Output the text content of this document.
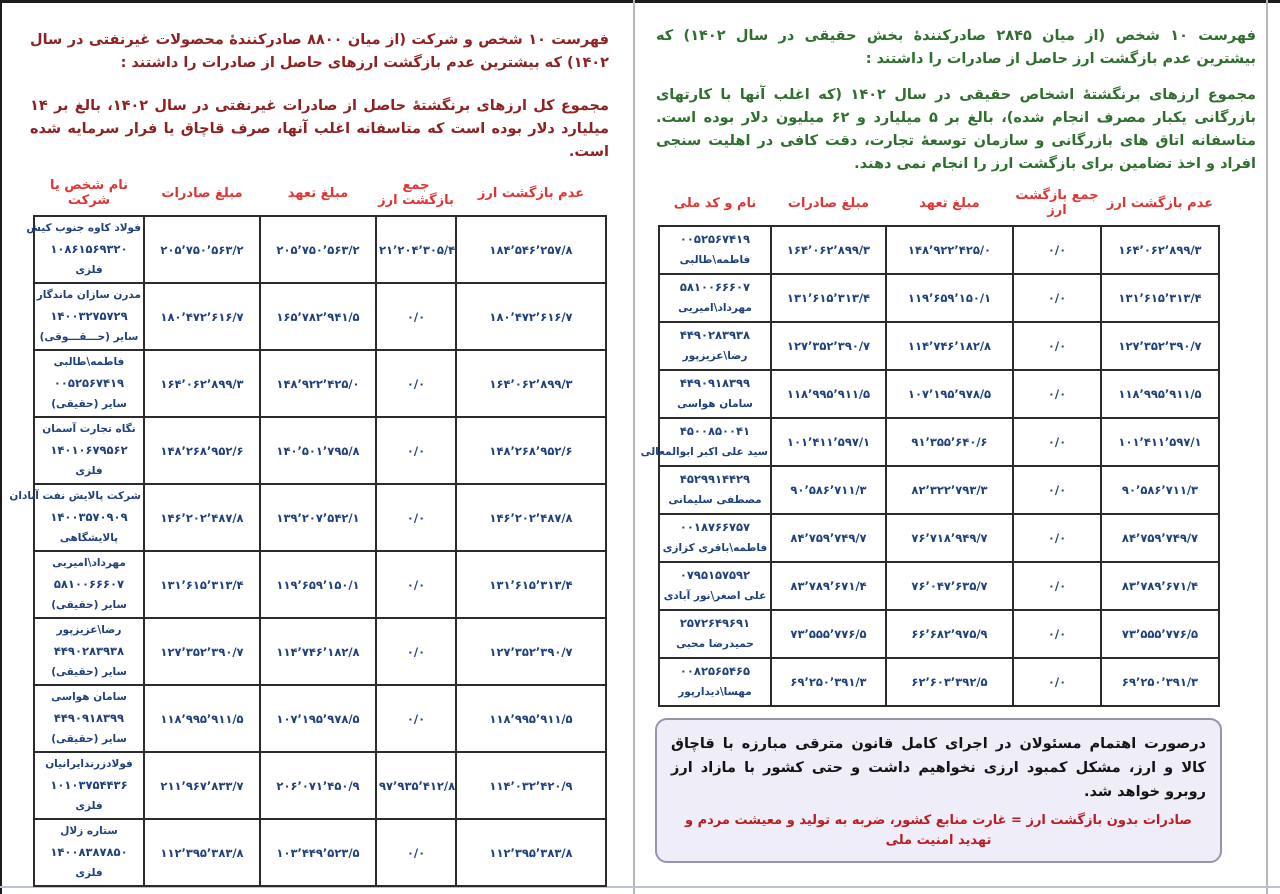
فهرست ۱۰ شخص (از میان ۲۸۴۵ صادرکنندهٔ بخش حقیقی در سال ۱۴۰۲) که بیشترین عدم بازگشت ارز حاصل از صادرات را داشتند :

مجموع ارزهای برنگشتهٔ اشخاص حقیقی در سال ۱۴۰۲ (که اغلب آنها با کارتهای بازرگانی یکبار مصرف انجام شده)، بالغ بر ۵ میلیارد و ۶۲ میلیون دلار بوده است. متاسفانه اتاق های بازرگانی و سازمان توسعهٔ تجارت، دقت کافی در اهلیت سنجی افراد و اخذ تضامین برای بازگشت ارز را انجام نمی دهند.

عدم بازگشت ارز	جمع بازگشت ارز	مبلغ تعهد	مبلغ صادرات	نام و کد ملی
۱۶۴٬۰۶۲٬۸۹۹/۳	۰/۰	۱۴۸٬۹۲۲٬۴۲۵/۰	۱۶۴٬۰۶۲٬۸۹۹/۳	۰۰۵۲۵۶۷۴۱۹
فاطمه\طالبی

۱۳۱٬۶۱۵٬۳۱۳/۴	۰/۰	۱۱۹٬۶۵۹٬۱۵۰/۱	۱۳۱٬۶۱۵٬۳۱۳/۴	۵۸۱۰۰۶۶۶۰۷
مهرداد\امیریی

۱۲۷٬۳۵۲٬۳۹۰/۷	۰/۰	۱۱۴٬۷۴۶٬۱۸۲/۸	۱۲۷٬۳۵۲٬۳۹۰/۷	۴۴۹۰۲۸۳۹۳۸
رضا\عزیزپور

۱۱۸٬۹۹۵٬۹۱۱/۵	۰/۰	۱۰۷٬۱۹۵٬۹۷۸/۵	۱۱۸٬۹۹۵٬۹۱۱/۵	۴۴۹۰۹۱۸۳۹۹
سامان هواسی

۱۰۱٬۴۱۱٬۵۹۷/۱	۰/۰	۹۱٬۳۵۵٬۶۴۰/۶	۱۰۱٬۴۱۱٬۵۹۷/۱	۴۵۰۰۸۵۰۰۴۱
سید علی اکبر ابوالمعالی

۹۰٬۵۸۶٬۷۱۱/۳	۰/۰	۸۲٬۳۲۲٬۷۹۳/۳	۹۰٬۵۸۶٬۷۱۱/۳	۴۵۲۹۹۱۴۴۲۹
مصطفی سلیمانی

۸۴٬۷۵۹٬۷۴۹/۷	۰/۰	۷۶٬۷۱۸٬۹۴۹/۷	۸۴٬۷۵۹٬۷۴۹/۷	۰۰۱۸۷۶۶۷۵۷
فاطمه\باقری کزازی

۸۳٬۷۸۹٬۶۷۱/۴	۰/۰	۷۶٬۰۴۷٬۶۳۵/۷	۸۳٬۷۸۹٬۶۷۱/۴	۰۷۹۵۱۵۷۵۹۲
علی اصغر\نور آبادی

۷۳٬۵۵۵٬۷۷۶/۵	۰/۰	۶۶٬۶۸۲٬۹۷۵/۹	۷۳٬۵۵۵٬۷۷۶/۵	۲۵۷۲۶۴۹۶۹۱
حمیدرضا محبی

۶۹٬۲۵۰٬۳۹۱/۳	۰/۰	۶۲٬۶۰۳٬۳۹۲/۵	۶۹٬۲۵۰٬۳۹۱/۳	۰۰۸۲۵۶۵۴۶۵
مهسا\دیدارپور

درصورت اهتمام مسئولان در اجرای کامل قانون مترقی مبارزه با قاچاق کالا و ارز، مشکل کمبود ارزی نخواهیم داشت و حتی کشور با مازاد ارز روبرو خواهد شد.

صادرات بدون بازگشت ارز = غارت منابع کشور، ضربه به تولید و معیشت مردم و تهدید امنیت ملی

فهرست ۱۰ شخص و شرکت (از میان ۸۸۰۰ صادرکنندهٔ محصولات غیرنفتی در سال ۱۴۰۲) که بیشترین عدم بازگشت ارزهای حاصل از صادرات را داشتند :

مجموع کل ارزهای برنگشتهٔ حاصل از صادرات غیرنفتی در سال ۱۴۰۲، بالغ بر ۱۴ میلیارد دلار بوده است که متاسفانه اغلب آنها، صرف قاچاق یا فرار سرمایه شده است.

عدم بازگشت ارز	جمع بازگشت ارز	مبلغ تعهد	مبلغ صادرات	نام شخص یا شرکت
۱۸۴٬۵۴۶٬۲۵۷/۸	۲۱٬۲۰۴٬۳۰۵/۴	۲۰۵٬۷۵۰٬۵۶۳/۲	۲۰۵٬۷۵۰٬۵۶۳/۲	فولاد کاوه جنوب کیش
۱۰۸۶۱۵۶۹۳۲۰
فلزی

۱۸۰٬۴۷۲٬۶۱۶/۷	۰/۰	۱۶۵٬۷۸۲٬۹۴۱/۵	۱۸۰٬۴۷۲٬۶۱۶/۷	مدرن سازان ماندگار
۱۴۰۰۳۲۷۵۷۲۹
سایر (حـــقـــوقی)

۱۶۴٬۰۶۲٬۸۹۹/۳	۰/۰	۱۴۸٬۹۲۲٬۴۲۵/۰	۱۶۴٬۰۶۲٬۸۹۹/۳	فاطمه\طالبی
۰۰۵۲۵۶۷۴۱۹
سایر (حقیقی)

۱۴۸٬۲۶۸٬۹۵۲/۶	۰/۰	۱۴۰٬۵۰۱٬۷۹۵/۸	۱۴۸٬۲۶۸٬۹۵۲/۶	نگاه تجارت آسمان
۱۴۰۱۰۶۷۹۵۶۲
فلزی

۱۴۶٬۲۰۲٬۴۸۷/۸	۰/۰	۱۳۹٬۲۰۷٬۵۴۲/۱	۱۴۶٬۲۰۲٬۴۸۷/۸	شرکت پالایش نفت آبادان
۱۴۰۰۳۵۷۰۹۰۹
پالایشگاهی

۱۳۱٬۶۱۵٬۳۱۳/۴	۰/۰	۱۱۹٬۶۵۹٬۱۵۰/۱	۱۳۱٬۶۱۵٬۳۱۳/۴	مهرداد\امیریی
۵۸۱۰۰۶۶۶۰۷
سایر (حقیقی)

۱۲۷٬۳۵۲٬۳۹۰/۷	۰/۰	۱۱۴٬۷۴۶٬۱۸۲/۸	۱۲۷٬۳۵۲٬۳۹۰/۷	رضا\عزیزپور
۴۴۹۰۲۸۳۹۳۸
سایر (حقیقی)

۱۱۸٬۹۹۵٬۹۱۱/۵	۰/۰	۱۰۷٬۱۹۵٬۹۷۸/۵	۱۱۸٬۹۹۵٬۹۱۱/۵	سامان هواسی
۴۴۹۰۹۱۸۳۹۹
سایر (حقیقی)

۱۱۴٬۰۳۲٬۴۲۰/۹	۹۷٬۹۳۵٬۴۱۲/۸	۲۰۶٬۰۷۱٬۴۵۰/۹	۲۱۱٬۹۶۷٬۸۳۳/۷	فولادزرندایرانیان
۱۰۱۰۳۷۵۴۴۳۶
فلزی

۱۱۲٬۳۹۵٬۳۸۳/۸	۰/۰	۱۰۳٬۴۴۹٬۵۲۳/۵	۱۱۲٬۳۹۵٬۳۸۳/۸	ستاره زلال
۱۴۰۰۸۳۸۷۸۵۰
فلزی
